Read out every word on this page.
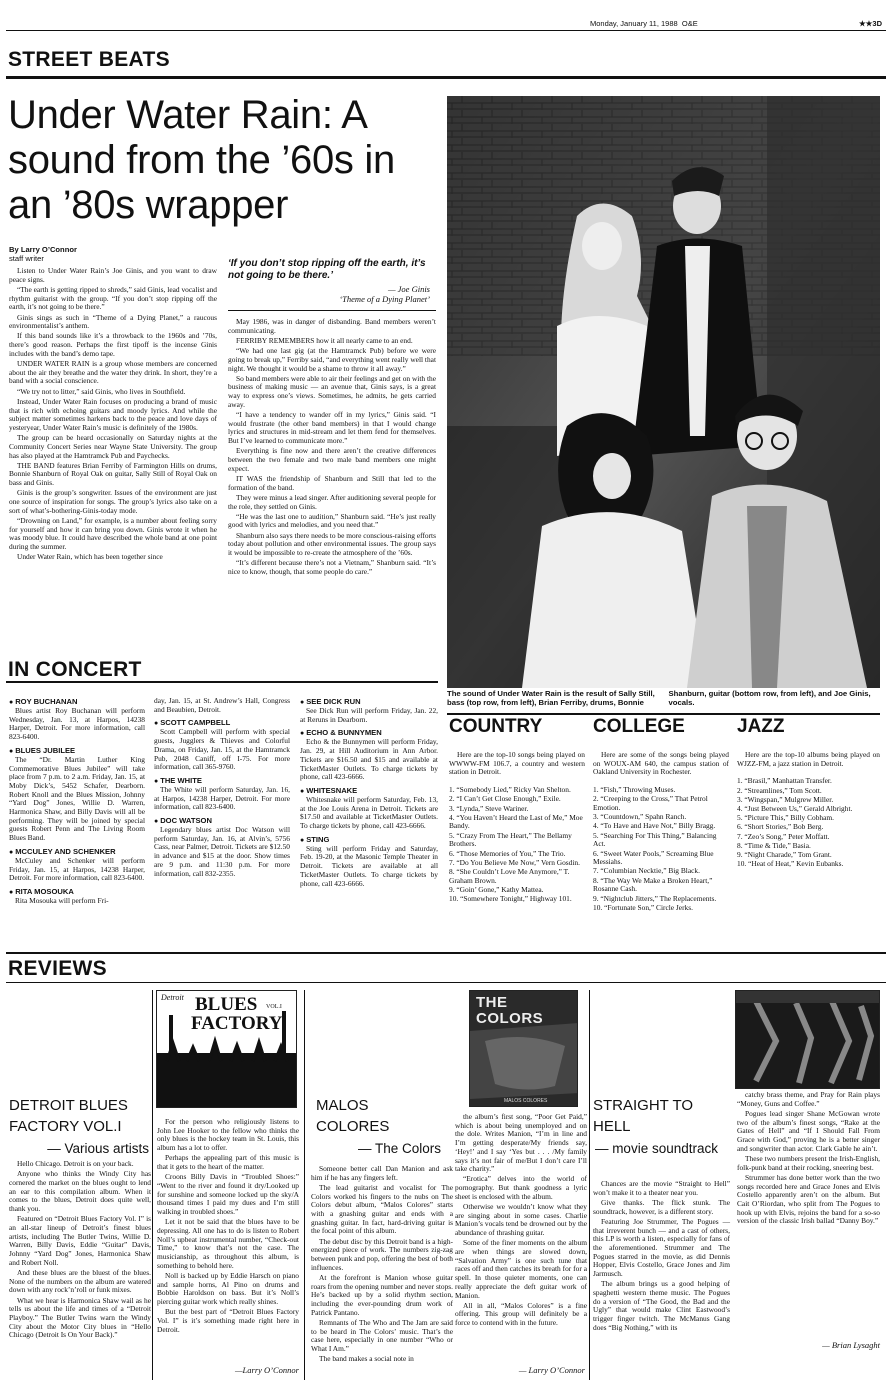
Monday, January 11, 1988 O&E	★★3D
STREET BEATS
Under Water Rain: A sound from the ’60s in an ’80s wrapper
By Larry O’Connor
staff writer

Listen to Under Water Rain’s Joe Ginis, and you want to draw peace signs.

“The earth is getting ripped to shreds,” said Ginis, lead vocalist and rhythm guitarist with the group. “If you don’t stop ripping off the earth, it’s not going to be there.”

Ginis sings as such in “Theme of a Dying Planet,” a raucous environmentalist’s anthem.

If this band sounds like it’s a throwback to the 1960s and ’70s, there’s good reason. Perhaps the first tipoff is the incense Ginis includes with the band’s demo tape.

UNDER WATER RAIN is a group whose members are concerned about the air they breathe and the water they drink. In short, they’re a band with a social conscience.

“We try not to litter,” said Ginis, who lives in Southfield.

Instead, Under Water Rain focuses on producing a brand of music that is rich with echoing guitars and moody lyrics. And while the subject matter sometimes harkens back to the peace and love days of yesteryear, Under Water Rain’s music is definitely of the 1980s.

The group can be heard occasionally on Saturday nights at the Community Concert Series near Wayne State University. The group has also played at the Hamtramck Pub and Paychecks.

THE BAND features Brian Ferriby of Farmington Hills on drums, Bonnie Shanburn of Royal Oak on guitar, Sally Still of Royal Oak on bass and Ginis.

Ginis is the group’s songwriter. Issues of the environment are just one source of inspiration for songs. The group’s lyrics also take on a sort of what’s-bothering-Ginis-today mode.

“Drowning on Land,” for example, is a number about feeling sorry for yourself and how it can bring you down. Ginis wrote it when he was moody blue. It could have described the whole band at one point during the summer.

Under Water Rain, which has been together since

‘If you don’t stop ripping off the earth, it’s not going to be there.’
— Joe Ginis
‘Theme of a Dying Planet’

May 1986, was in danger of disbanding. Band members weren’t communicating.

FERRIBY REMEMBERS how it all nearly came to an end.

“We had one last gig (at the Hamtramck Pub) before we were going to break up,” Ferriby said, “and everything went really well that night. We thought it would be a shame to throw it all away.”

So band members were able to air their feelings and get on with the business of making music — an avenue that, Ginis says, is a great way to express one’s views. Sometimes, he admits, he gets carried away.

“I have a tendency to wander off in my lyrics,” Ginis said. “I would frustrate (the other band members) in that I would change lyrics and structures in mid-stream and let them fend for themselves. But I’ve learned to communicate more.”

Everything is fine now and there aren’t the creative differences between the two female and two male band members one might expect.

IT WAS the friendship of Shanburn and Still that led to the formation of the band.

They were minus a lead singer. After auditioning several people for the role, they settled on Ginis.

“He was the last one to audition,” Shanburn said. “He’s just really good with lyrics and melodies, and you need that.”

Shanburn also says there needs to be more conscious-raising efforts today about pollution and other environmental issues. The group says it would be impossible to re-create the atmosphere of the ’60s.

“It’s different because there’s not a Vietnam,” Shanburn said. “It’s nice to know, though, that some people do care.”

The sound of Under Water Rain is the result of Sally Still, bass (top row, from left), Brian Ferriby, drums, Bonnie Shanburn, guitar (bottom row, from left), and Joe Ginis, vocals.
IN CONCERT
● ROY BUCHANAN
Blues artist Roy Buchanan will perform Wednesday, Jan. 13, at Harpos, 14238 Harper, Detroit. For more information, call 823-6400.
● BLUES JUBILEE
The “Dr. Martin Luther King Commemorative Blues Jubilee” will take place from 7 p.m. to 2 a.m. Friday, Jan. 15, at Moby Dick’s, 5452 Schafer, Dearborn. Robert Knoll and the Blues Mission, Johnny “Yard Dog” Jones, Willie D. Warren, Harmonica Shaw, and Billy Davis will all be performing. They will be joined by special guests Robert Penn and The Living Room Blues Band.
● MCCULEY AND SCHENKER
McCuley and Schenker will perform Friday, Jan. 15, at Harpos, 14238 Harper, Detroit. For more information, call 823-6400.
● RITA MOSOUKA
Rita Mosouka will perform Fri-
day, Jan. 15, at St. Andrew’s Hall, Congress and Beaubien, Detroit.
● SCOTT CAMPBELL
Scott Campbell will perform with special guests, Jugglers & Thieves and Colorful Drama, on Friday, Jan. 15, at the Hamtramck Pub, 2048 Caniff, off I-75. For more information, call 365-9760.
● THE WHITE
The White will perform Saturday, Jan. 16, at Harpos, 14238 Harper, Detroit. For more information, call 823-6400.
● DOC WATSON
Legendary blues artist Doc Watson will perform Saturday, Jan. 16, at Alvin’s, 5756 Cass, near Palmer, Detroit. Tickets are $12.50 in advance and $15 at the door. Show times are 9 p.m. and 11:30 p.m. For more information, call 832-2355.
● SEE DICK RUN
See Dick Run will perform Friday, Jan. 22, at Reruns in Dearborn.
● ECHO & BUNNYMEN
Echo & the Bunnymen will perform Friday, Jan. 29, at Hill Auditorium in Ann Arbor. Tickets are $16.50 and $15 and available at TicketMaster Outlets. To charge tickets by phone, call 423-6666.
● WHITESNAKE
Whitesnake will perform Saturday, Feb. 13, at the Joe Louis Arena in Detroit. Tickets are $17.50 and available at TicketMaster Outlets. To charge tickets by phone, call 423-6666.
● STING
Sting will perform Friday and Saturday, Feb. 19-20, at the Masonic Temple Theater in Detroit. Tickets are available at all TicketMaster Outlets. To charge tickets by phone, call 423-6666.
COUNTRY
Here are the top-10 songs being played on WWWW-FM 106.7, a country and western station in Detroit.
1. “Somebody Lied,” Ricky Van Shelton.
2. “I Can’t Get Close Enough,” Exile.
3. “Lynda,” Steve Wariner.
4. “You Haven’t Heard the Last of Me,” Moe Bandy.
5. “Crazy From The Heart,” The Bellamy Brothers.
6. “Those Memories of You,” The Trio.
7. “Do You Believe Me Now,” Vern Gosdin.
8. “She Couldn’t Love Me Anymore,” T. Graham Brown.
9. “Goin’ Gone,” Kathy Mattea.
10. “Somewhere Tonight,” Highway 101.
COLLEGE
Here are some of the songs being played on WOUX-AM 640, the campus station of Oakland University in Rochester.
1. “Fish,” Throwing Muses.
2. “Creeping to the Cross,” That Petrol Emotion.
3. “Countdown,” Spahn Ranch.
4. “To Have and Have Not,” Billy Bragg.
5. “Searching For This Thing,” Balancing Act.
6. “Sweet Water Pools,” Screaming Blue Messiahs.
7. “Columbian Necktie,” Big Black.
8. “The Way We Make a Broken Heart,” Rosanne Cash.
9. “Nightclub Jitters,” The Replacements.
10. “Fortunate Son,” Circle Jerks.
JAZZ
Here are the top-10 albums being played on WJZZ-FM, a jazz station in Detroit.
1. “Brasil,” Manhattan Transfer.
2. “Streamlines,” Tom Scott.
3. “Wingspan,” Mulgrew Miller.
4. “Just Between Us,” Gerald Albright.
5. “Picture This,” Billy Cobham.
6. “Short Stories,” Bob Berg.
7. “Zeo’s Song,” Peter Moffatt.
8. “Time & Tide,” Basia.
9. “Night Charade,” Tom Grant.
10. “Heat of Heat,” Kevin Eubanks.
REVIEWS
Detroit BLUES VOL.I
FACTORY
THE COLORS
MALOS COLORES
DETROIT BLUES FACTORY VOL.I
— Various artists

Hello Chicago. Detroit is on your back.

Anyone who thinks the Windy City has cornered the market on the blues ought to lend an ear to this compilation album. When it comes to the blues, Detroit does quite well, thank you.

Featured on “Detroit Blues Factory Vol. I” is an all-star lineup of Detroit’s finest blues artists, including The Butler Twins, Willie D. Warren, Billy Davis, Eddie “Guitar” Davis, Johnny “Yard Dog” Jones, Harmonica Shaw and Robert Noll.

And these blues are the bluest of the blues. None of the numbers on the album are watered down with any rock’n’roll or funk mixes.

What we hear is Harmonica Shaw wail as he tells us about the life and times of a “Detroit Playboy.” The Butler Twins warn the Windy City about the Motor City blues in “Hello Chicago (Detroit Is On Your Back).”

For the person who religiously listens to John Lee Hooker to the fellow who thinks the only blues is the hockey team in St. Louis, this album has a lot to offer.

Perhaps the appealing part of this music is that it gets to the heart of the matter.

Croons Billy Davis in “Troubled Shoes:” “Went to the river and found it dry/Looked up for sunshine and someone locked up the sky/A thousand times I paid my dues and I’m still walking in troubled shoes.”

Let it not be said that the blues have to be depressing. All one has to do is listen to Robert Noll’s upbeat instrumental number, “Check-out Time,” to know that’s not the case. The musicianship, as throughout this album, is something to behold here.

Noll is backed up by Eddie Harsch on piano and sample horns, Al Pino on drums and Bobbie Haroldson on bass. But it’s Noll’s piercing guitar work which really shines.

But the best part of “Detroit Blues Factory Vol. I” is it’s something made right here in Detroit.

—Larry O’Connor
MALOS COLORES
— The Colors

Someone better call Dan Manion and ask him if he has any fingers left.

The lead guitarist and vocalist for The Colors worked his fingers to the nubs on The Colors debut album, “Malos Colores” starts with a gnashing guitar and ends with a gnashing guitar. In fact, hard-driving guitar is the focal point of this album.

The debut disc by this Detroit band is a high-energized piece of work. The numbers zig-zag between punk and pop, offering the best of both influences.

At the forefront is Manion whose guitar roars from the opening number and never stops. He’s backed up by a solid rhythm section, including the ever-pounding drum work of Patrick Pantano.

Remnants of The Who and The Jam are said to be heard in The Colors’ music. That’s the case here, especially in one number “Who or What I Am.”

The band makes a social note in

the album’s first song, “Poor Get Paid,” which is about being unemployed and on the dole. Writes Manion, “I’m in line and I’m getting desperate/My friends say, ‘Hey!’ and I say ‘Yes but . . . /My family says it’s not fair of me/But I don’t care I’ll take charity.”

“Erotica” delves into the world of pornography. But thank goodness a lyric sheet is enclosed with the album.

Otherwise we wouldn’t know what they are singing about in some cases. Charlie Manion’s vocals tend be drowned out by the abundance of thrashing guitar.

Some of the finer moments on the album are when things are slowed down, “Salvation Army” is one such tune that races off and then catches its breath for for a spell. In those quieter moments, one can really appreciate the deft guitar work of Manion.

All in all, “Malos Colores” is a fine offering. This group will definitely be a force to contend with in the future.

— Larry O’Connor
STRAIGHT TO HELL
— movie soundtrack

Chances are the movie “Straight to Hell” won’t make it to a theater near you.

Give thanks. The flick stunk. The soundtrack, however, is a different story.

Featuring Joe Strummer, The Pogues — that irreverent bunch — and a cast of others, this LP is worth a listen, especially for fans of the aforementioned. Strummer and The Pogues starred in the movie, as did Dennis Hopper, Elvis Costello, Grace Jones and Jim Jarmusch.

The album brings us a good helping of spaghetti western theme music. The Pogues do a version of “The Good, the Bad and the Ugly” that would make Clint Eastwood’s trigger finger twitch. The McManus Gang does “Big Nothing,” with its

catchy brass theme, and Pray for Rain plays “Money, Guns and Coffee.”

Pogues lead singer Shane McGowan wrote two of the album’s finest songs, “Rake at the Gates of Hell” and “If I Should Fall From Grace with God,” proving he is a better singer and songwriter than actor. Clark Gable he ain’t.

These two numbers present the Irish-English, folk-punk band at their rocking, sneering best.

Strummer has done better work than the two songs recorded here and Grace Jones and Elvis Costello apparently aren’t on the album. But Cait O’Riordan, who split from The Pogues to hook up with Elvis, rejoins the band for a so-so version of the classic Irish ballad “Danny Boy.”

— Brian Lysaght
